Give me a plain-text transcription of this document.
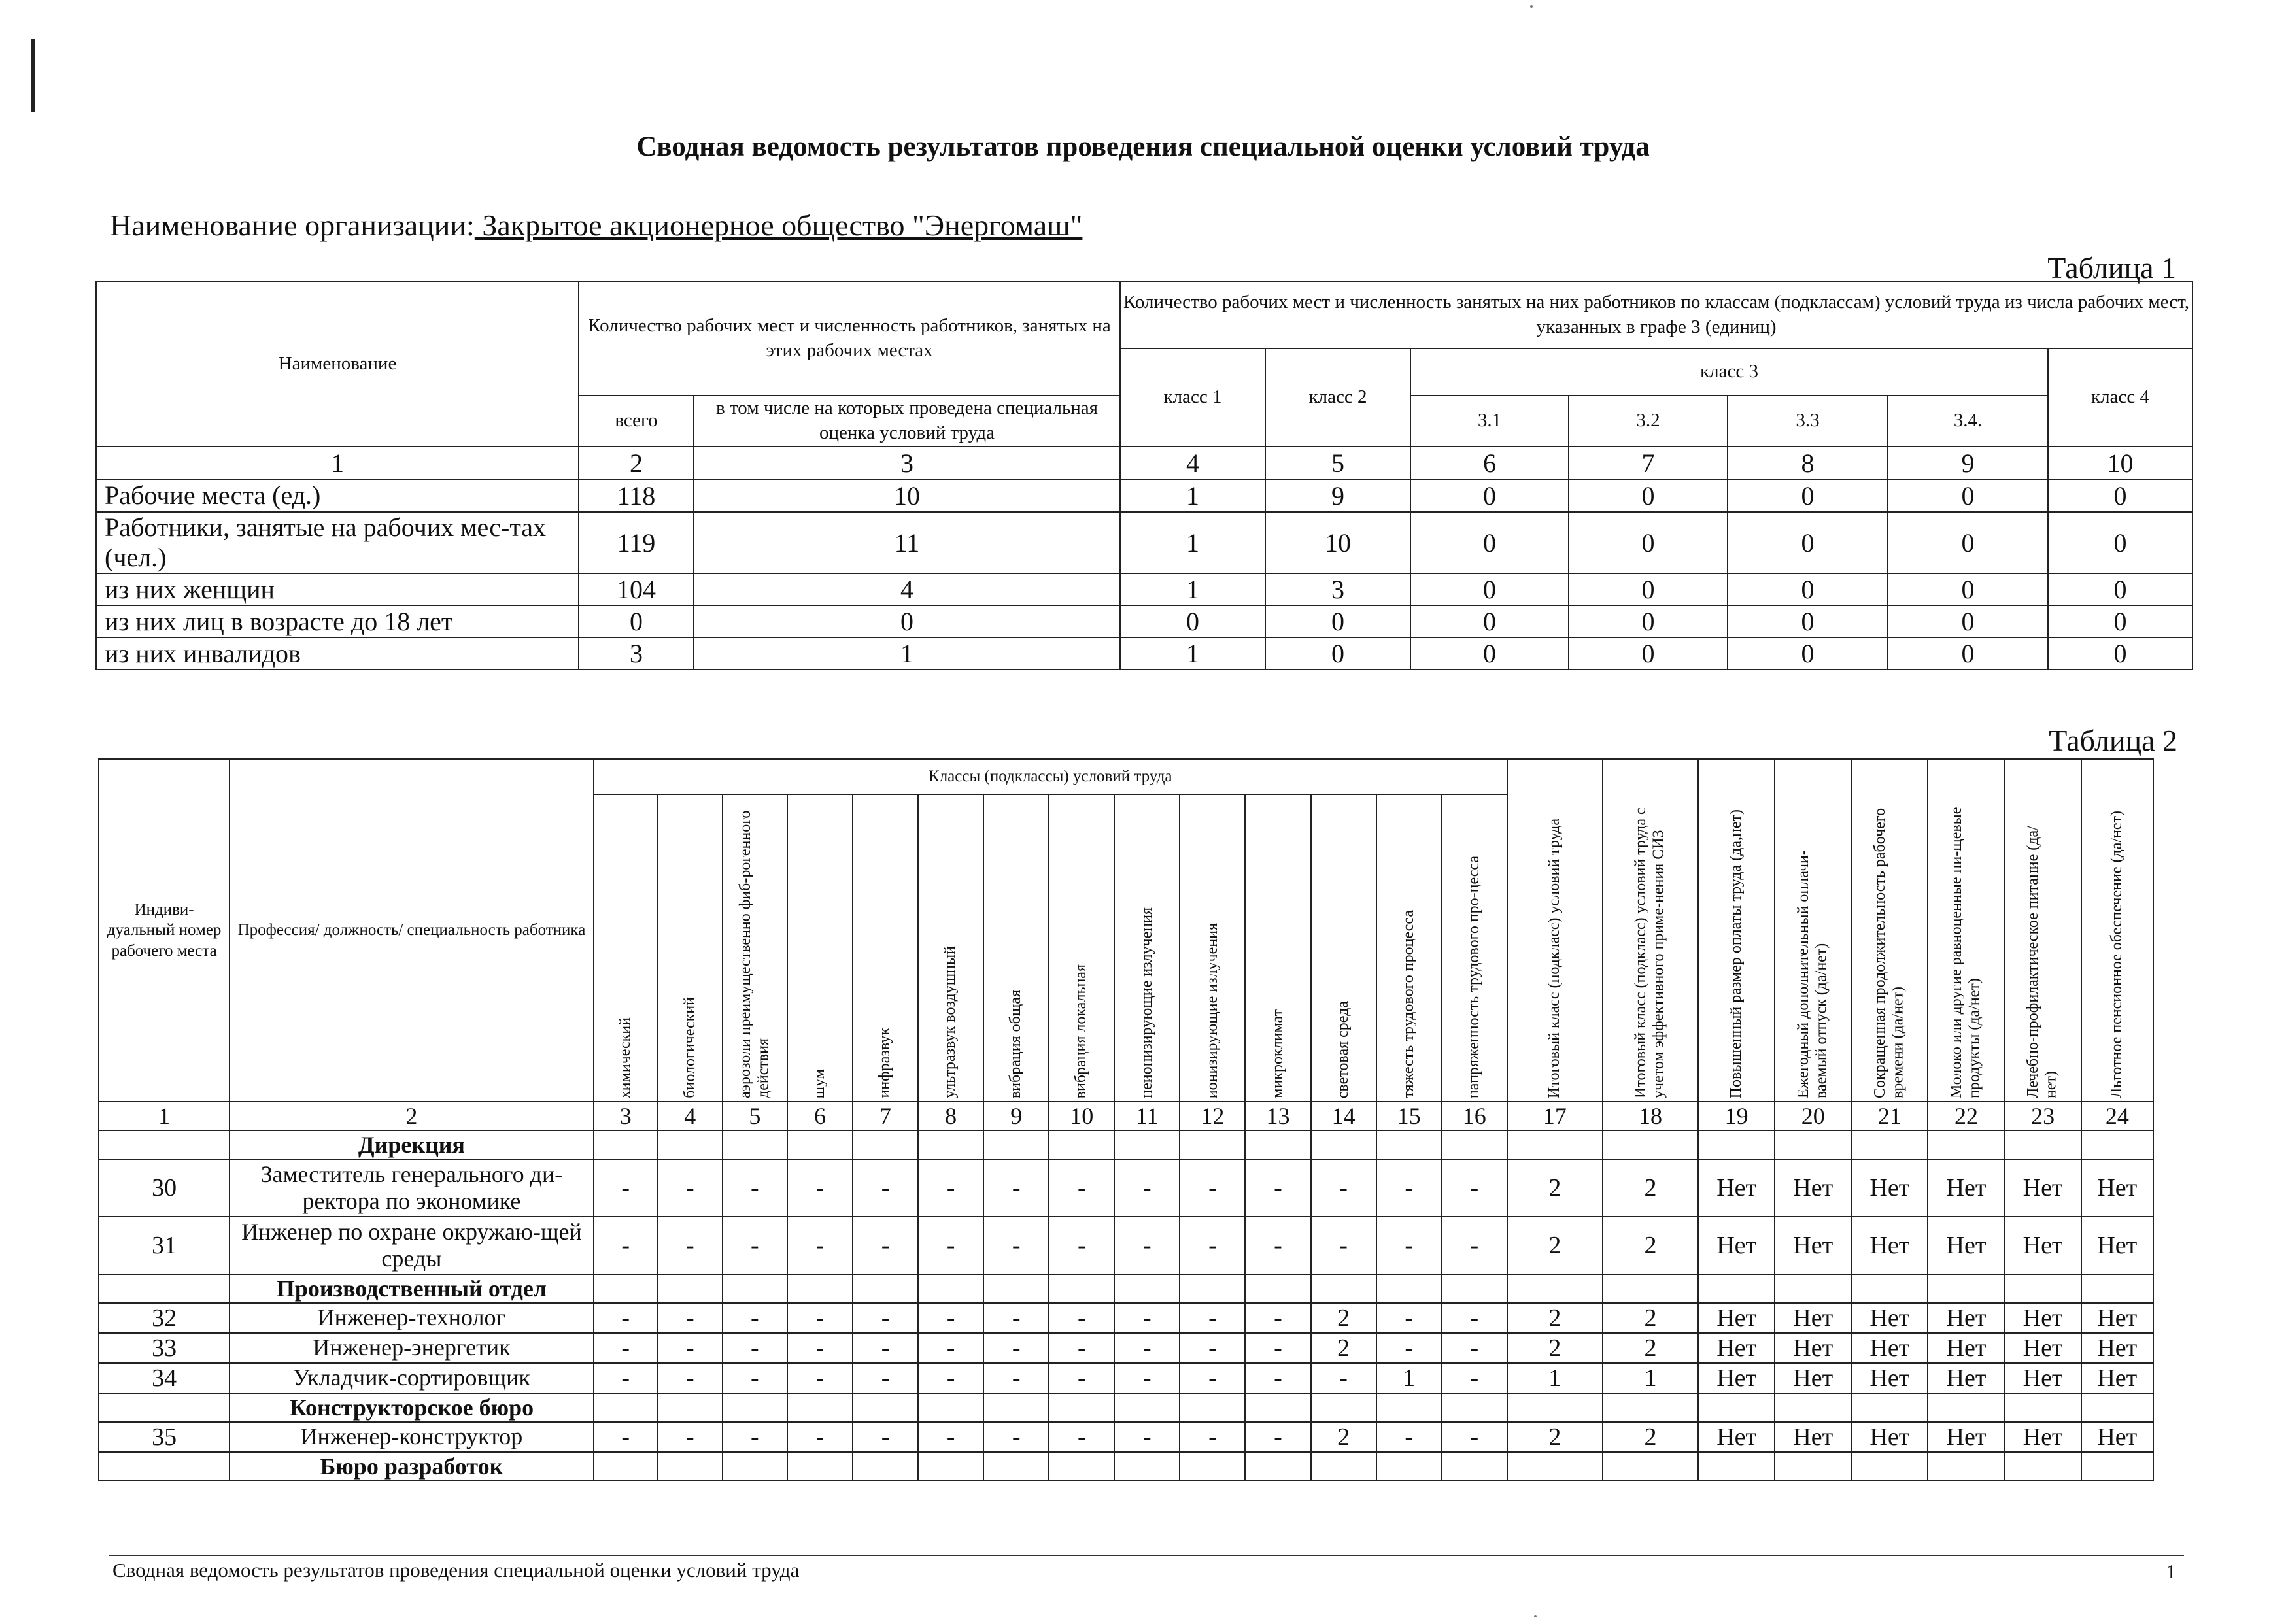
Сводная ведомость результатов проведения специальной оценки условий труда
Наименование организации: Закрытое акционерное общество "Энергомаш"
Таблица 1
Наименование	Количество рабочих мест и численность работников, занятых на этих рабочих местах		Количество рабочих мест и численность занятых на них работников по классам (подклассам) условий труда из числа рабочих мест, указанных в графе 3 (единиц)						
			класс 1	класс 2	класс 3				класс 4
	всего	в том числе на которых проведена специальная оценка условий труда			3.1	3.2	3.3	3.4.	
1	2	3	4	5	6	7	8	9	10
Рабочие места (ед.)	118	10	1	9	0	0	0	0	0
Работники, занятые на рабочих мес-тах (чел.)	119	11	1	10	0	0	0	0	0
из них женщин	104	4	1	3	0	0	0	0	0
из них лиц в возрасте до 18 лет	0	0	0	0	0	0	0	0	0
из них инвалидов	3	1	1	0	0	0	0	0	0
Таблица 2
Индиви-дуальный номер рабочего места	Профессия/ должность/ специальность работника	Классы (подклассы) условий труда														Итоговый класс (подкласс) условий труда	Итоговый класс (подкласс) условий труда с учетом эффективного приме-нения СИЗ	Повышенный размер оплаты труда (да,нет)	Ежегодный дополнительный оплачи-ваемый отпуск (да/нет)	Сокращенная продолжительность рабочего времени (да/нет)	Молоко или другие равноценные пи-щевые продукты (да/нет)	Лечебно-профилактическое питание (да/нет)	Льготное пенсионное обеспечение (да/нет)

		химический	биологический	аэрозоли преимущественно фиб-рогенного действия	шум	инфразвук	ультразвук воздушный	вибрация общая	вибрация локальная	неионизирующие излучения	ионизирующие излучения	микроклимат	световая среда	тяжесть трудового процесса	напряженность трудового про-цесса								

1	2	3	4	5	6	7	8	9	10	11	12	13	14	15	16	17	18	19	20	21	22	23	24
	Дирекция																						
30	Заместитель генерального ди-ректора по экономике	-	-	-	-	-	-	-	-	-	-	-	-	-	-	2	2	Нет	Нет	Нет	Нет	Нет	Нет
31	Инженер по охране окружаю-щей среды	-	-	-	-	-	-	-	-	-	-	-	-	-	-	2	2	Нет	Нет	Нет	Нет	Нет	Нет
	Производственный отдел																						
32	Инженер-технолог	-	-	-	-	-	-	-	-	-	-	-	2	-	-	2	2	Нет	Нет	Нет	Нет	Нет	Нет
33	Инженер-энергетик	-	-	-	-	-	-	-	-	-	-	-	2	-	-	2	2	Нет	Нет	Нет	Нет	Нет	Нет
34	Укладчик-сортировщик	-	-	-	-	-	-	-	-	-	-	-	-	1	-	1	1	Нет	Нет	Нет	Нет	Нет	Нет
	Конструкторское бюро																						
35	Инженер-конструктор	-	-	-	-	-	-	-	-	-	-	-	2	-	-	2	2	Нет	Нет	Нет	Нет	Нет	Нет
	Бюро разработок																						
Сводная ведомость результатов проведения специальной оценки условий труда	1
